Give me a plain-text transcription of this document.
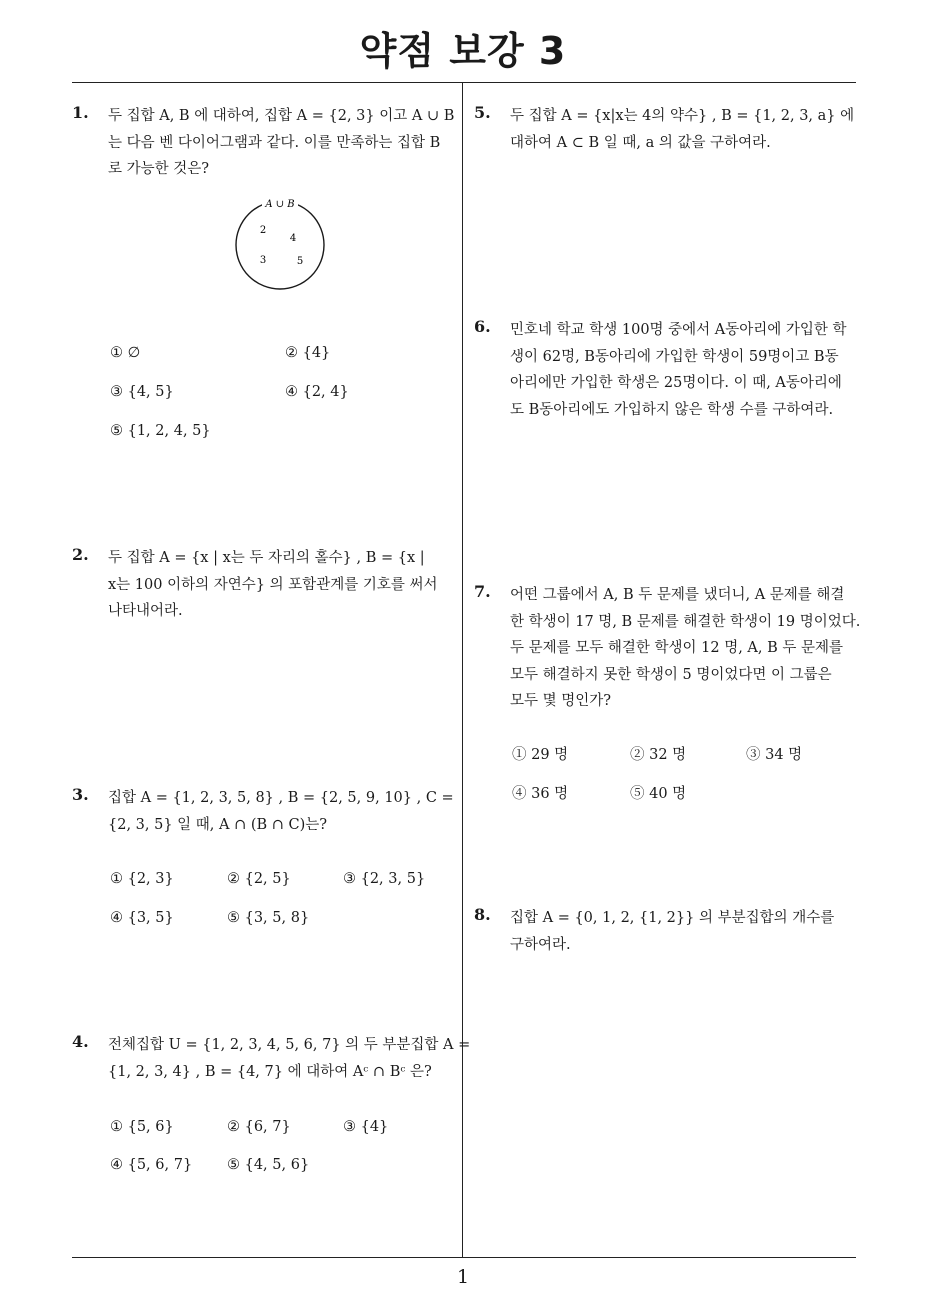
약점 보강 3
1
1. 두 집합 A, B 에 대하여, 집합 A = {2, 3} 이고 A ∪ B
는 다음 벤 다이어그램과 같다. 이를 만족하는 집합 B
로 가능한 것은?
A ∪ B
2
4
3	5
① ∅	② {4}
③ {4, 5}	④ {2, 4}
⑤ {1, 2, 4, 5}
2. 두 집합 A = {x | x는 두 자리의 홀수} , B = {x |
x는 100 이하의 자연수} 의 포함관계를 기호를 써서
나타내어라.
3. 집합 A = {1, 2, 3, 5, 8} , B = {2, 5, 9, 10} , C =
{2, 3, 5} 일 때, A ∩ (B ∩ C)는?
① {2, 3}	② {2, 5}	③ {2, 3, 5}
④ {3, 5}	⑤ {3, 5, 8}
4. 전체집합 U = {1, 2, 3, 4, 5, 6, 7} 의 두 부분집합 A =
{1, 2, 3, 4} , B = {4, 7} 에 대하여 Aᶜ ∩ Bᶜ 은?
① {5, 6}	② {6, 7}	③ {4}
④ {5, 6, 7} ⑤ {4, 5, 6}
5. 두 집합 A = {x|x는 4의 약수} , B = {1, 2, 3, a} 에
대하여 A ⊂ B 일 때, a 의 값을 구하여라.
6. 민호네 학교 학생 100명 중에서 A동아리에 가입한 학
생이 62명, B동아리에 가입한 학생이 59명이고 B동
아리에만 가입한 학생은 25명이다. 이 때, A동아리에
도 B동아리에도 가입하지 않은 학생 수를 구하여라.
7. 어떤 그룹에서 A, B 두 문제를 냈더니, A 문제를 해결
한 학생이 17 명, B 문제를 해결한 학생이 19 명이었다.
두 문제를 모두 해결한 학생이 12 명, A, B 두 문제를
모두 해결하지 못한 학생이 5 명이었다면 이 그룹은
모두 몇 명인가?
① 29 명	② 32 명	③ 34 명
④ 36 명	⑤ 40 명
8. 집합 A = {0, 1, 2, {1, 2}} 의 부분집합의 개수를
구하여라.
